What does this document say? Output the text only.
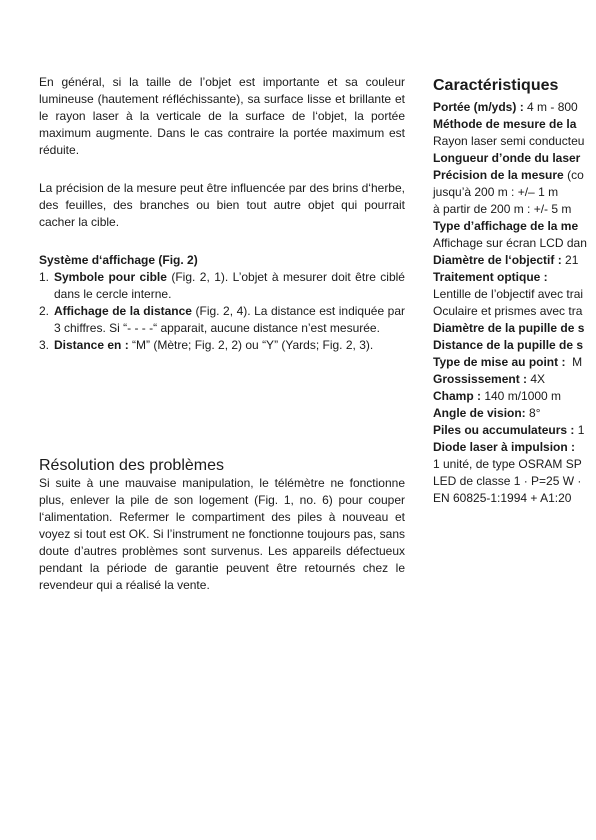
En général, si la taille de l’objet est importante et sa couleur lumineuse (hautement réfléchissante), sa surface lisse et brillante et le rayon laser à la verticale de la surface de l‘objet, la portée maximum augmente. Dans le cas contraire la portée maximum est réduite.

La précision de la mesure peut être influencée par des brins d‘herbe, des feuilles, des branches ou bien tout autre objet qui pourrait cacher la cible.

Système d‘affichage (Fig. 2)

1. Symbole pour cible (Fig. 2, 1). L’objet à mesurer doit être ciblé dans le cercle interne.
2. Affichage de la distance (Fig. 2, 4). La distance est indiquée par 3 chiffres. Si “- - - -“ apparait, aucune distance n’est mesurée.
3. Distance en : “M” (Mètre; Fig. 2, 2) ou “Y” (Yards; Fig. 2, 3).
Résolution des problèmes

Si suite à une mauvaise manipulation, le télémètre ne fonctionne plus, enlever la pile de son logement (Fig. 1, no. 6) pour couper l‘alimentation. Refermer le compartiment des piles à nouveau et voyez si tout est OK. Si l’instrument ne fonctionne toujours pas, sans doute d’autres problèmes sont survenus. Les appareils défectueux pendant la période de garantie peuvent être retournés chez le revendeur qui a réalisé la vente.

Caractéristiques

Portée (m/yds) : 4 m - 800

Méthode de mesure de la

Rayon laser semi conducteu

Longueur d’onde du laser

Précision de la mesure (co

jusqu’à 200 m : +/– 1 m

à partir de 200 m : +/- 5 m

Type d’affichage de la me

Affichage sur écran LCD dan

Diamètre de l‘objectif : 21

Traitement optique :

Lentille de l’objectif avec trai

Oculaire et prismes avec tra

Diamètre de la pupille de s

Distance de la pupille de s

Type de mise au point :  M

Grossissement : 4X

Champ : 140 m/1000 m

Angle de vision: 8°

Piles ou accumulateurs : 1

Diode laser à impulsion :

1 unité, de type OSRAM SP

LED de classe 1 · P=25 W ·

EN 60825-1:1994 + A1:20
